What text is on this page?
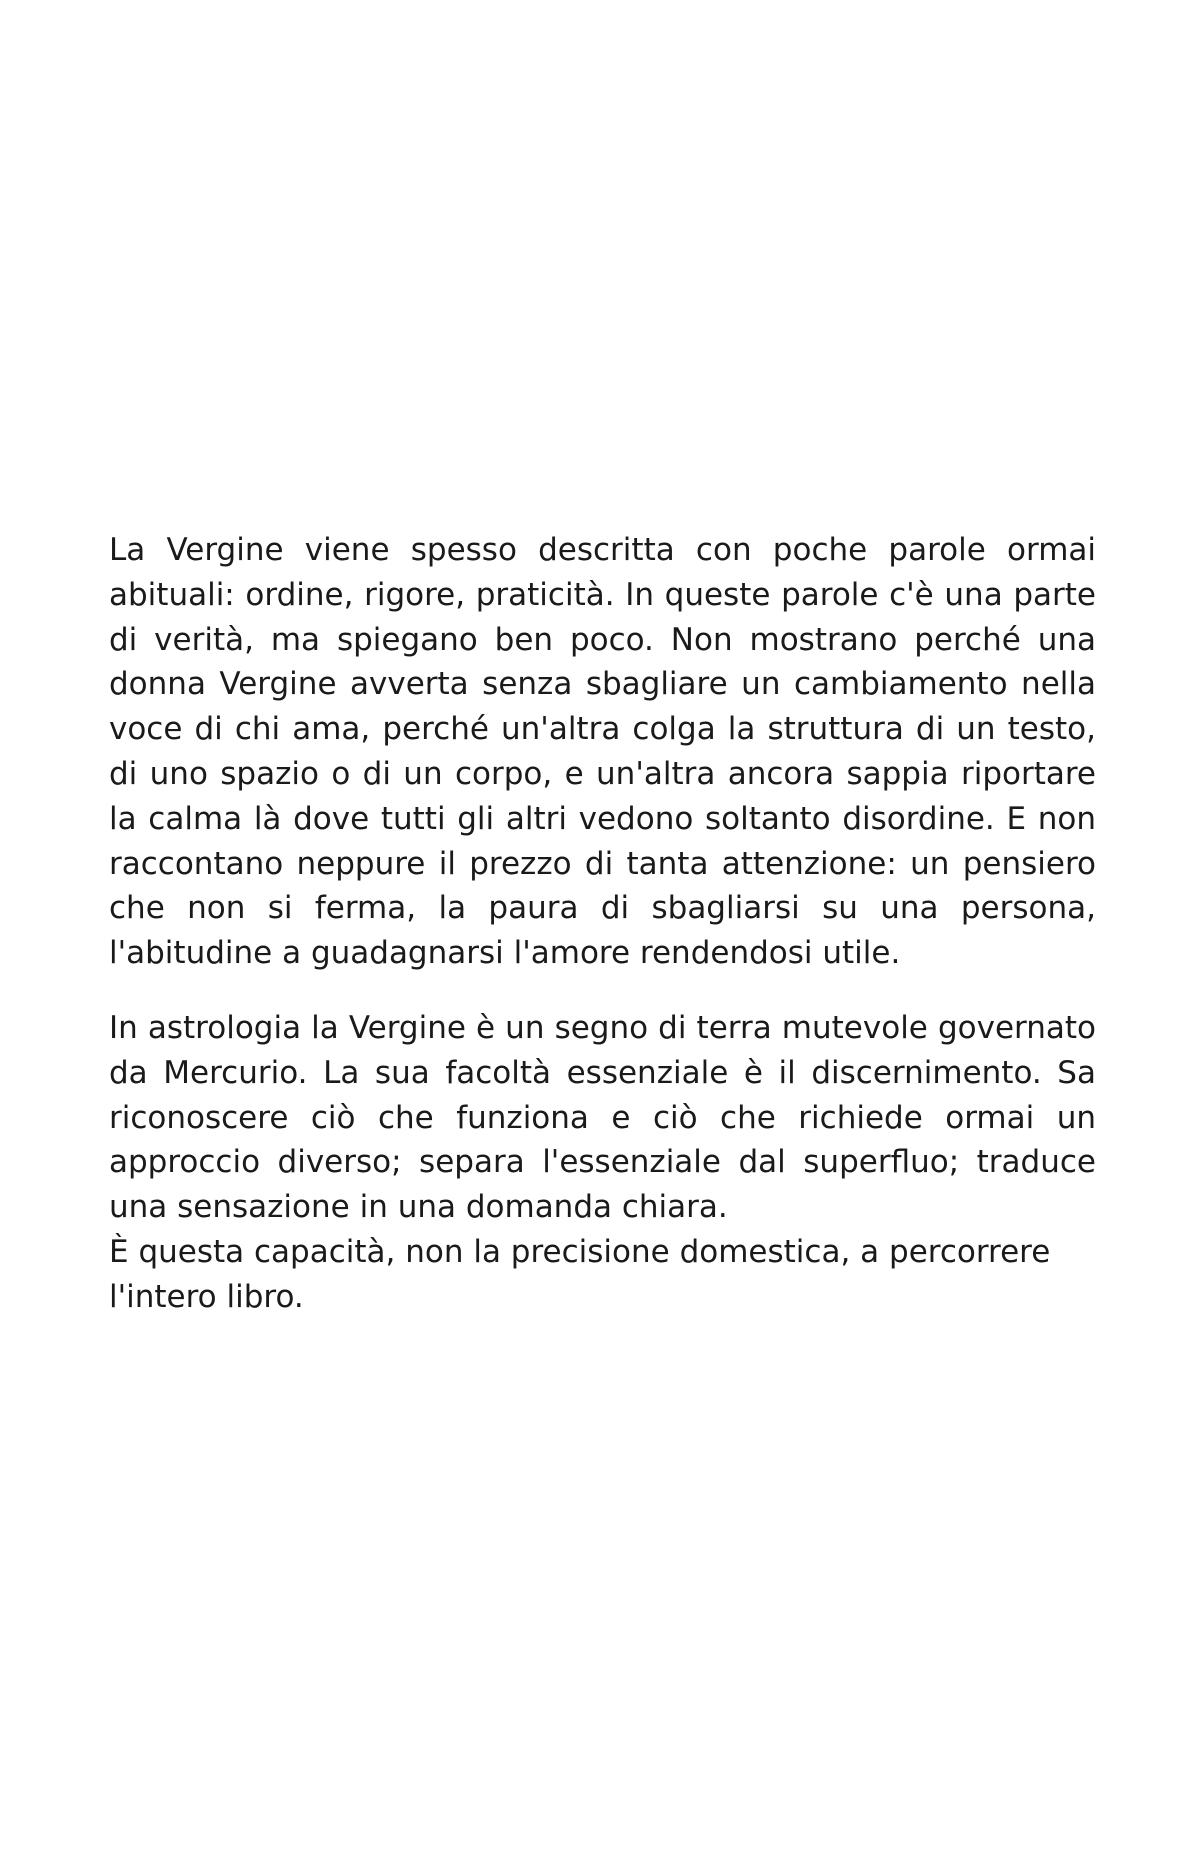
La Vergine viene spesso descritta con poche parole ormai abituali: ordine, rigore, praticità. In queste parole c'è una parte di verità, ma spiegano ben poco. Non mostrano perché una donna Vergine avverta senza sbagliare un cambiamento nella voce di chi ama, perché un'altra colga la struttura di un testo, di uno spazio o di un corpo, e un'altra ancora sappia riportare la calma là dove tutti gli altri vedono soltanto disordine. E non raccontano neppure il prezzo di tanta attenzione: un pensiero che non si ferma, la paura di sbagliarsi su una persona, l'abitudine a guadagnarsi l'amore rendendosi utile.

In astrologia la Vergine è un segno di terra mutevole governato da Mercurio. La sua facoltà essenziale è il discernimento. Sa riconoscere ciò che funziona e ciò che richiede ormai un approccio diverso; separa l'essenziale dal superfluo; traduce una sensazione in una domanda chiara.

È questa capacità, non la precisione domestica, a percorrere l'intero libro.
